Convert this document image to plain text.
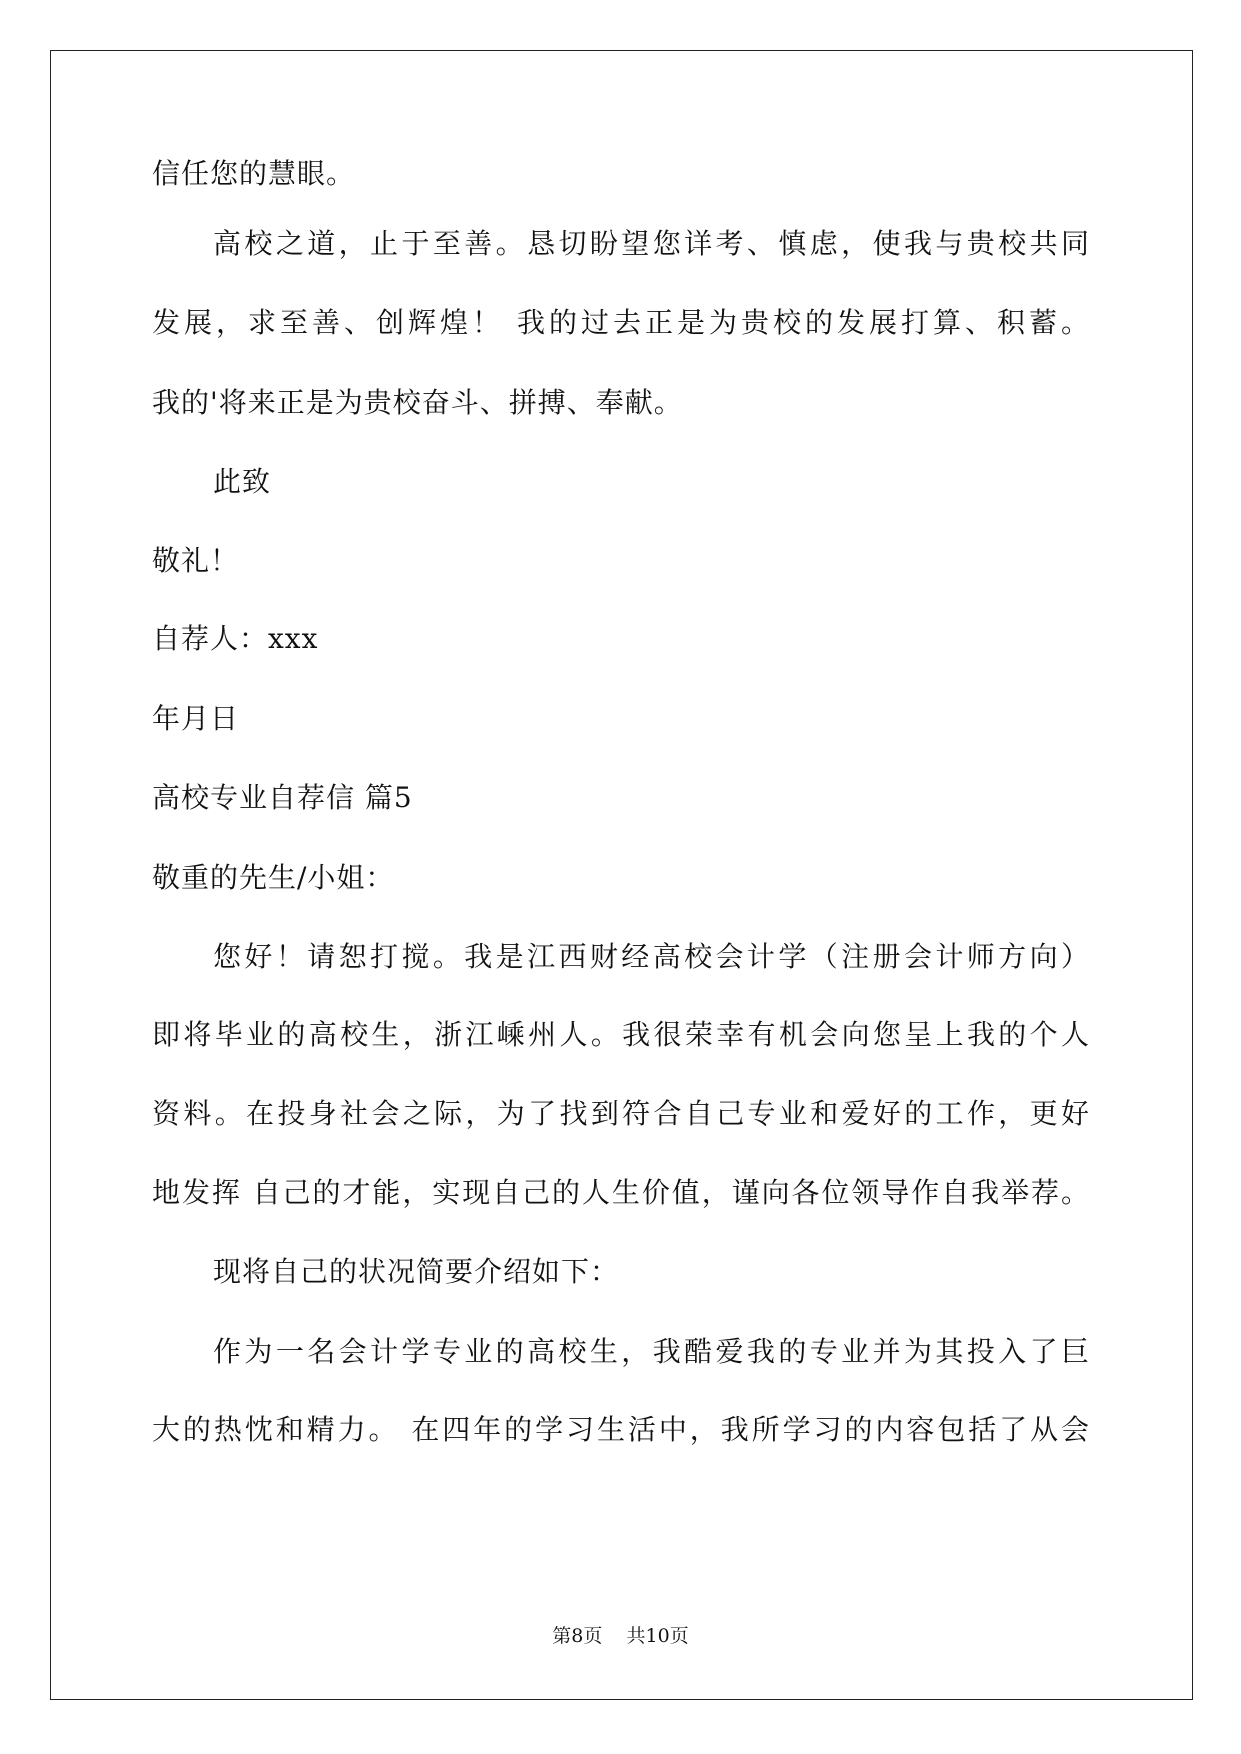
信任您的慧眼。
高校之道，止于至善。恳切盼望您详考、慎虑，使我与贵校共同
发展，求至善、创辉煌！ 我的过去正是为贵校的发展打算、积蓄。
我的'将来正是为贵校奋斗、拼搏、奉献。
此致
敬礼！
自荐人：xxx
年月日
高校专业自荐信 篇5
敬重的先生/小姐：
您好！请恕打搅。我是江西财经高校会计学（注册会计师方向）
即将毕业的高校生，浙江嵊州人。我很荣幸有机会向您呈上我的个人
资料。在投身社会之际，为了找到符合自己专业和爱好的工作，更好
地发挥 自己的才能，实现自己的人生价值，谨向各位领导作自我举荐。
现将自己的状况简要介绍如下：
作为一名会计学专业的高校生，我酷爱我的专业并为其投入了巨
大的热忱和精力。 在四年的学习生活中，我所学习的内容包括了从会
第8页    共10页
